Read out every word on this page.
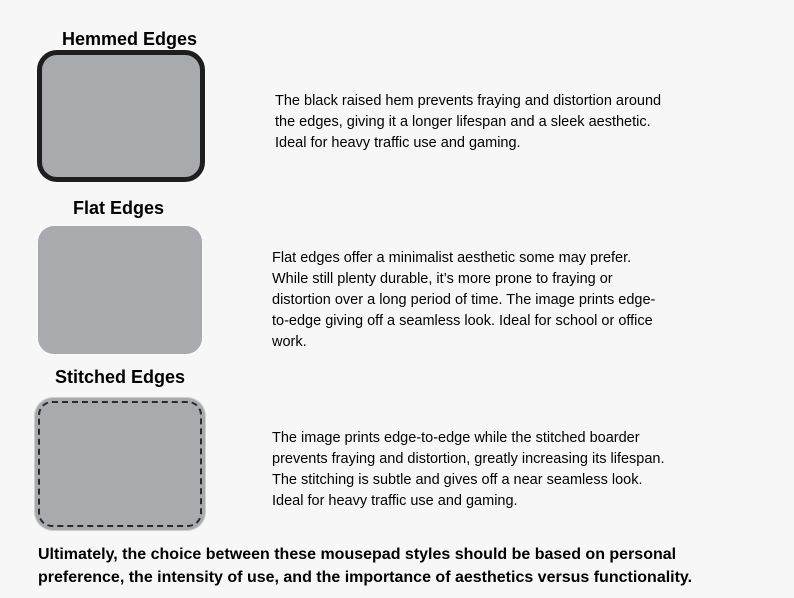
Hemmed Edges
The black raised hem prevents fraying and distortion around
the edges, giving it a longer lifespan and a sleek aesthetic.
Ideal for heavy traffic use and gaming.
Flat Edges
Flat edges offer a minimalist aesthetic some may prefer.
While still plenty durable, it’s more prone to fraying or
distortion over a long period of time. The image prints edge-
to-edge giving off a seamless look. Ideal for school or office
work.
Stitched Edges
The image prints edge-to-edge while the stitched boarder
prevents fraying and distortion, greatly increasing its lifespan.
The stitching is subtle and gives off a near seamless look.
Ideal for heavy traffic use and gaming.
Ultimately, the choice between these mousepad styles should be based on personal
preference, the intensity of use, and the importance of aesthetics versus functionality.
